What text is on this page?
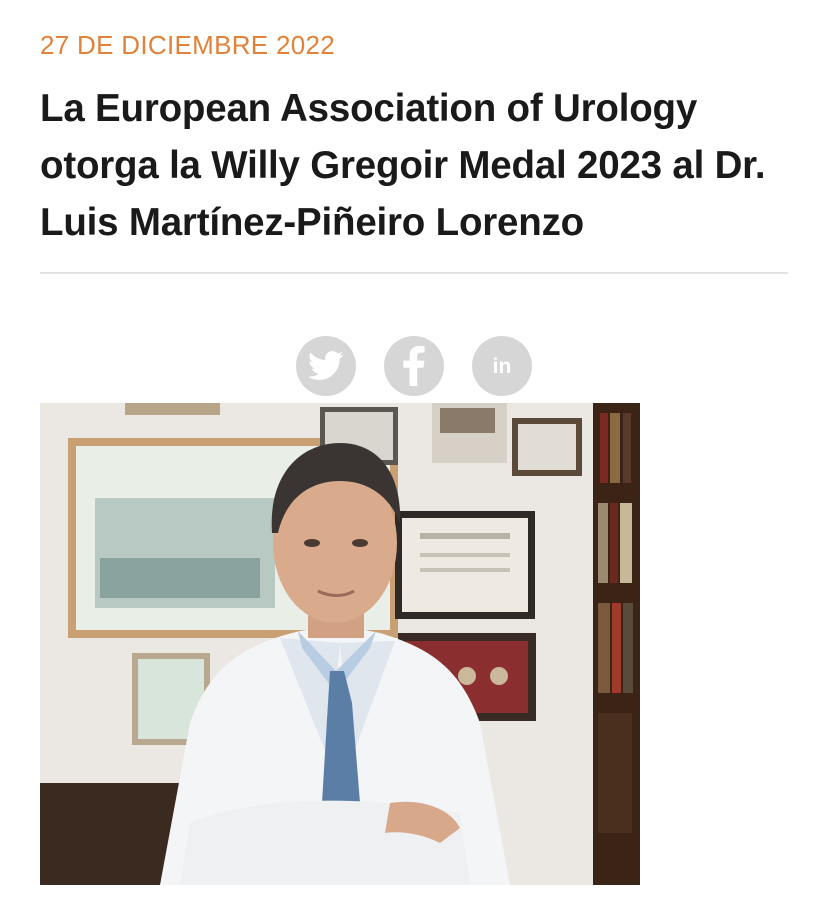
27 DE DICIEMBRE 2022
La European Association of Urology otorga la Willy Gregoir Medal 2023 al Dr. Luis Martínez-Piñeiro Lorenzo
in
